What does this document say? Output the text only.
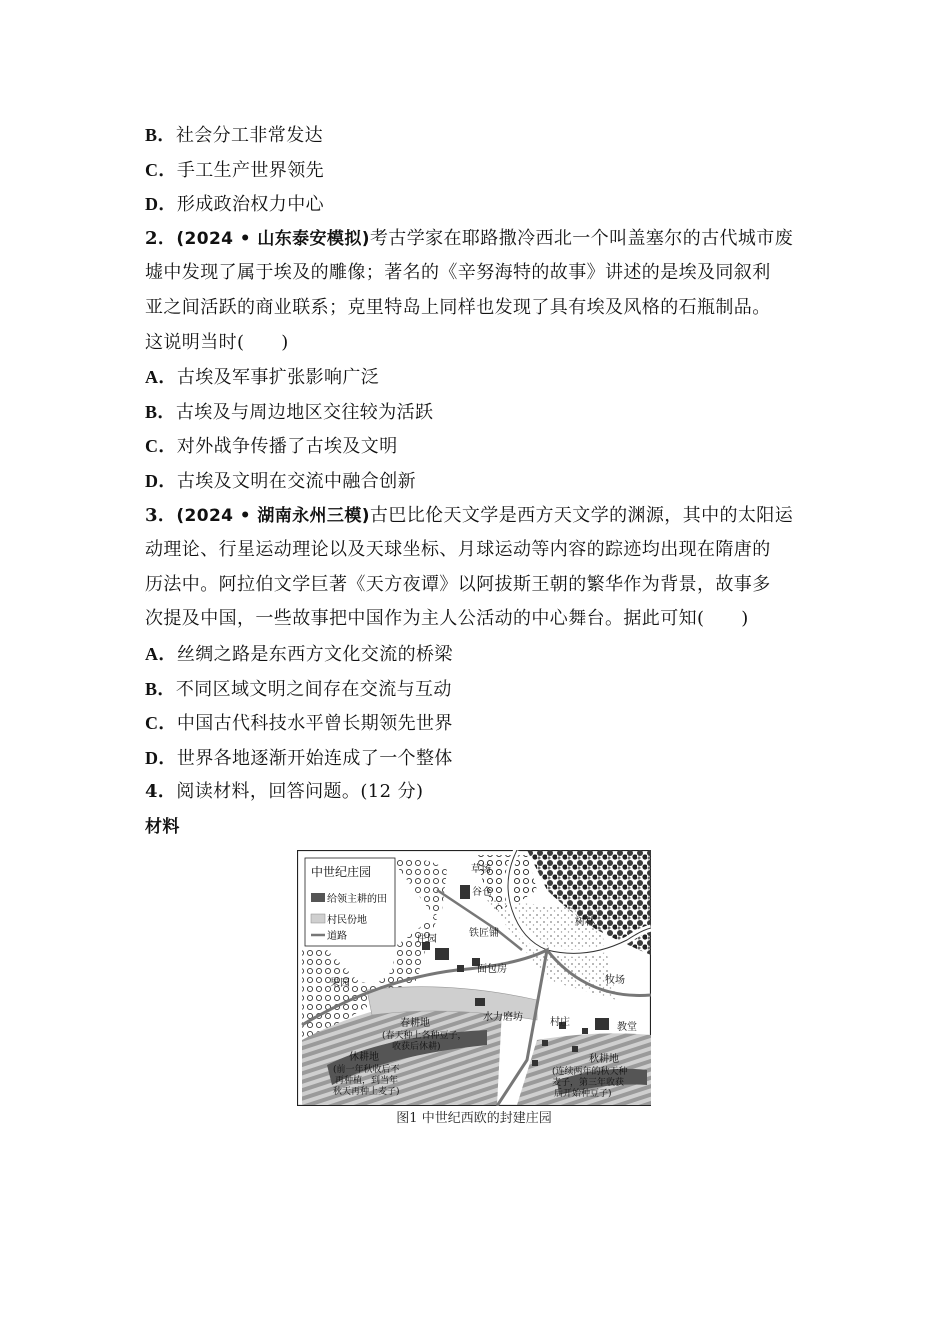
B．社会分工非常发达
C．手工生产世界领先
D．形成政治权力中心
2．(2024 • 山东泰安模拟)考古学家在耶路撒冷西北一个叫盖塞尔的古代城市废
墟中发现了属于埃及的雕像；著名的《辛努海特的故事》讲述的是埃及同叙利
亚之间活跃的商业联系；克里特岛上同样也发现了具有埃及风格的石瓶制品。
这说明当时(　　)
A．古埃及军事扩张影响广泛
B．古埃及与周边地区交往较为活跃
C．对外战争传播了古埃及文明
D．古埃及文明在交流中融合创新
3．(2024 • 湖南永州三模)古巴比伦天文学是西方天文学的渊源，其中的太阳运
动理论、行星运动理论以及天球坐标、月球运动等内容的踪迹均出现在隋唐的
历法中。阿拉伯文学巨著《天方夜谭》以阿拔斯王朝的繁华作为背景，故事多
次提及中国，一些故事把中国作为主人公活动的中心舞台。据此可知(　　)
A．丝绸之路是东西方文化交流的桥梁
B．不同区域文明之间存在交流与互动
C．中国古代科技水平曾长期领先世界
D．世界各地逐渐开始连成了一个整体
4．阅读材料，回答问题。(12 分)
材料
中世纪庄园
给领主耕的田
村民份地
道路
草场
谷仓
铁匠铺
庄园
面包房
树林
果园	牧场
水力磨坊	村庄	教堂
春耕地
(春天种上各种豆子，
收获后休耕)
休耕地
(前一年秋收后不
再种植，到当年
秋天再种上麦子)
秋耕地
(连续两年的秋天种
麦子，第三年收获
后开始种豆子)
图1 中世纪西欧的封建庄园
